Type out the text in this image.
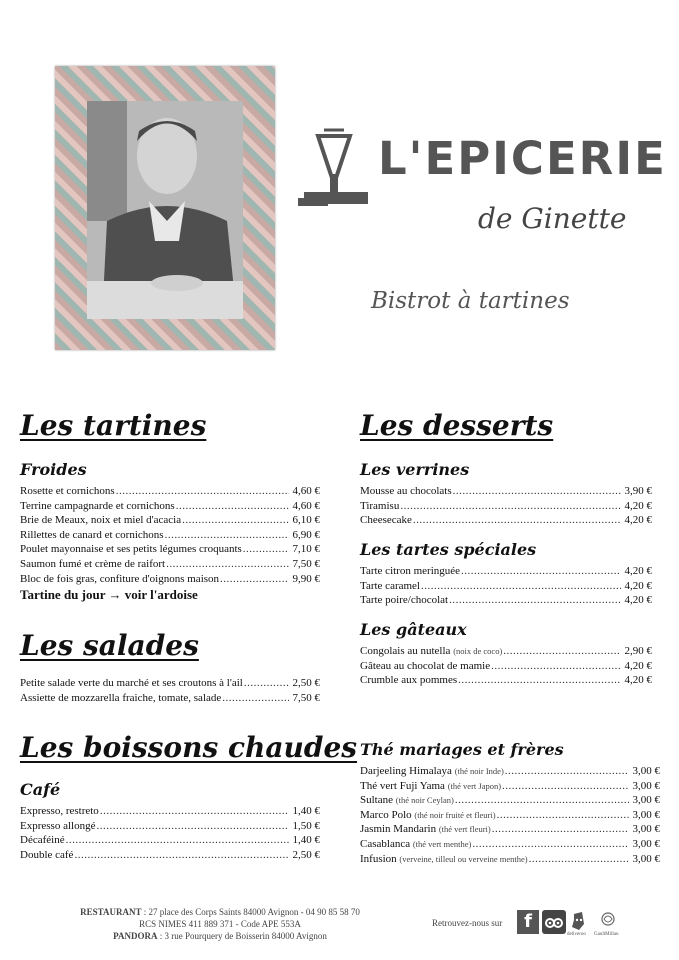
L'EPICERIE
de Ginette
Bistrot à tartines
Les tartines
Froides
Rosette et cornichons .....	4,60 €
Terrine campagnarde et cornichons .....	4,60 €
Brie de Meaux, noix et miel d'acacia .....	6,10 €
Rillettes de canard et cornichons .....	6,90 €
Poulet mayonnaise et ses petits légumes croquants .....	7,10 €
Saumon fumé et crème de raifort .....	7,50 €
Bloc de fois gras, confiture d'oignons maison .....	9,90 €
Tartine du jour → voir l'ardoise
Les salades
Petite salade verte du marché et ses croutons à l'ail .....	2,50 €
Assiette de mozzarella fraiche, tomate, salade .....	7,50 €
Les boissons chaudes
Café
Expresso, restreto .....	1,40 €
Expresso allongé .....	1,50 €
Décaféiné .....	1,40 €
Double café .....	2,50 €
Les desserts
Les verrines
Mousse au chocolats .....	3,90 €
Tiramisu .....	4,20 €
Cheesecake .....	4,20 €
Les tartes spéciales
Tarte citron meringuée .....	4,20 €
Tarte caramel .....	4,20 €
Tarte poire/chocolat .....	4,20 €
Les gâteaux
Congolais au nutella (noix de coco) .....	2,90 €
Gâteau au chocolat de mamie .....	4,20 €
Crumble aux pommes .....	4,20 €
Thé mariages et frères
Darjeeling Himalaya (thé noir Inde) .....	3,00 €
Thé vert Fuji Yama (thé vert Japon) .....	3,00 €
Sultane (thé noir Ceylan) .....	3,00 €
Marco Polo (thé noir fruité et fleuri) .....	3,00 €
Jasmin Mandarin (thé vert fleuri) .....	3,00 €
Casablanca (thé vert menthe) .....	3,00 €
Infusion (verveine, tilleul ou verveine menthe) .....	3,00 €
RESTAURANT : 27 place des Corps Saints 84000 Avignon - 04 90 85 58 70
RCS NIMES 411 889 371 - Code APE 553A
PANDORA : 3 rue Pourquery de Boisserin 84000 Avignon
Retrouvez-nous sur	f
deliveroo GaultMillau
